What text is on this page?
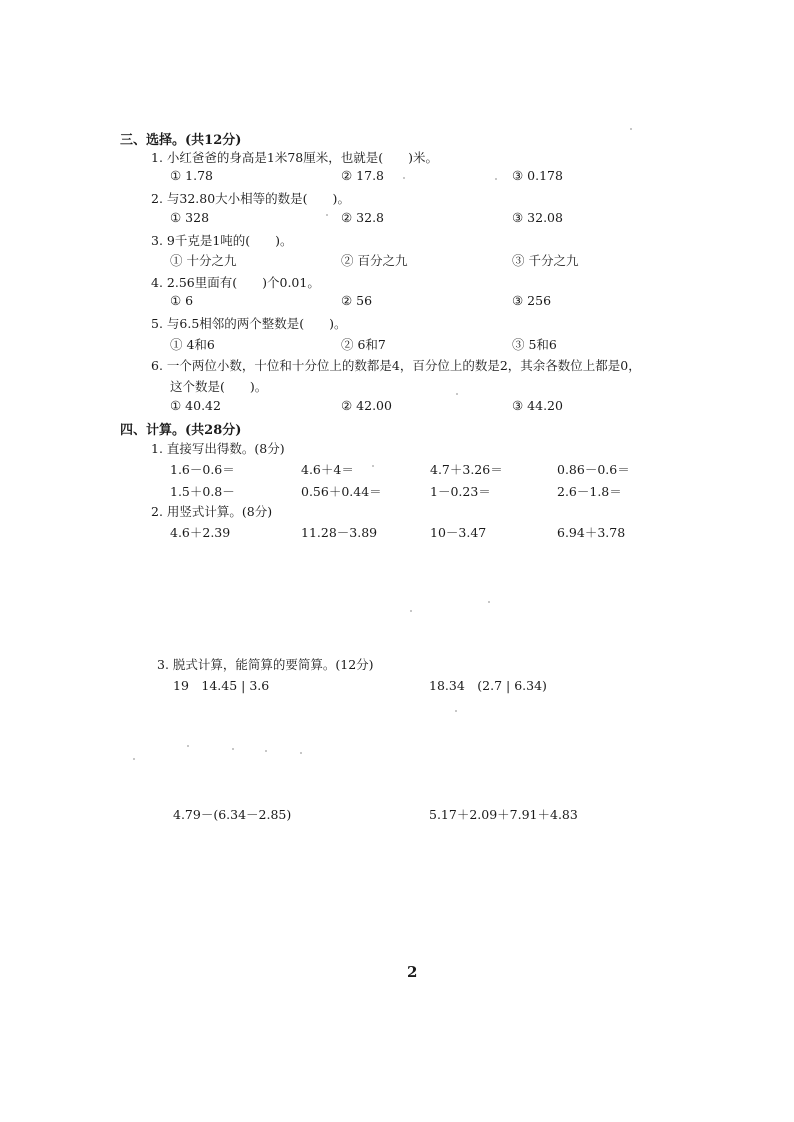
三、选择。(共12分)
1. 小红爸爸的身高是1米78厘米，也就是(　　)米。
① 1.78	② 17.8	③ 0.178
2. 与32.80大小相等的数是(　　)。
① 328	② 32.8	③ 32.08
3. 9千克是1吨的(　　)。
① 十分之九	② 百分之九	③ 千分之九
4. 2.56里面有(　　)个0.01。
① 6	② 56	③ 256
5. 与6.5相邻的两个整数是(　　)。
① 4和6	② 6和7	③ 5和6
6. 一个两位小数，十位和十分位上的数都是4，百分位上的数是2，其余各数位上都是0，
这个数是(　　)。
① 40.42	② 42.00	③ 44.20
四、计算。(共28分)
1. 直接写出得数。(8分)
1.6－0.6＝	4.6＋4＝	4.7＋3.26＝	0.86－0.6＝
1.5＋0.8－	0.56＋0.44＝	1－0.23＝	2.6－1.8＝
2. 用竖式计算。(8分)
4.6＋2.39	11.28－3.89	10－3.47	6.94＋3.78
3. 脱式计算，能简算的要简算。(12分)
19　14.45 | 3.6	18.34　(2.7 | 6.34)
4.79－(6.34－2.85)	5.17＋2.09＋7.91＋4.83
2
